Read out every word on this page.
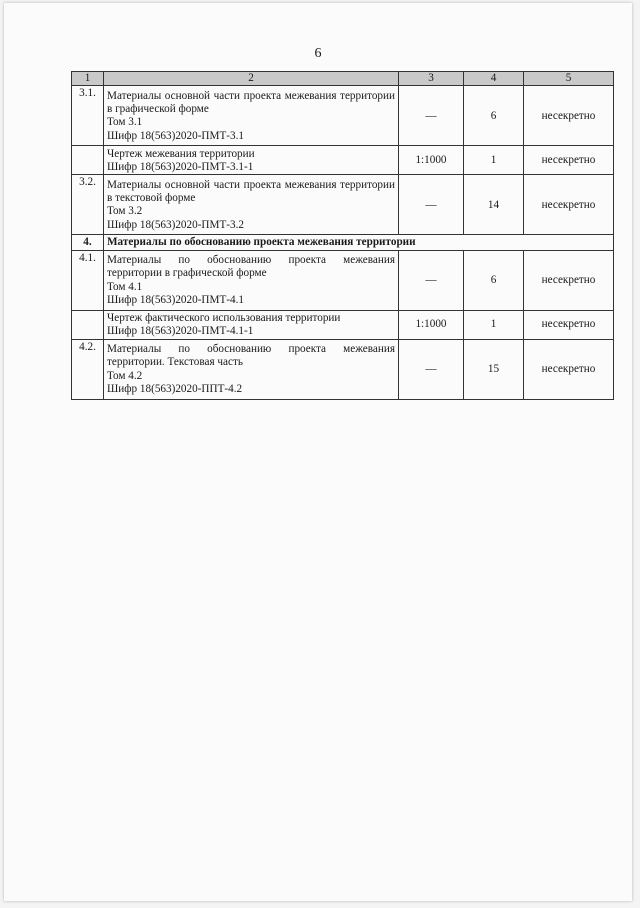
6
1	2	3	4	5
3.1.	Материалы основной части проекта межевания территории в графической форме
Том 3.1
Шифр 18(563)2020-ПМТ-3.1	—	6	несекретно

	Чертеж межевания территории
Шифр 18(563)2020-ПМТ-3.1-1	1:1000	1	несекретно
3.2.	Материалы основной части проекта межевания территории в текстовой форме
Том 3.2
Шифр 18(563)2020-ПМТ-3.2	—	14	несекретно
4.	Материалы по обоснованию проекта межевания территории			
4.1.	Материалы по обоснованию проекта межевания территории в графической форме
Том 4.1
Шифр 18(563)2020-ПМТ-4.1	—	6	несекретно

	Чертеж фактического использования территории
Шифр 18(563)2020-ПМТ-4.1-1	1:1000	1	несекретно
4.2.	Материалы по обоснованию проекта межевания территории. Текстовая часть
Том 4.2
Шифр 18(563)2020-ППТ-4.2	—	15	несекретно
